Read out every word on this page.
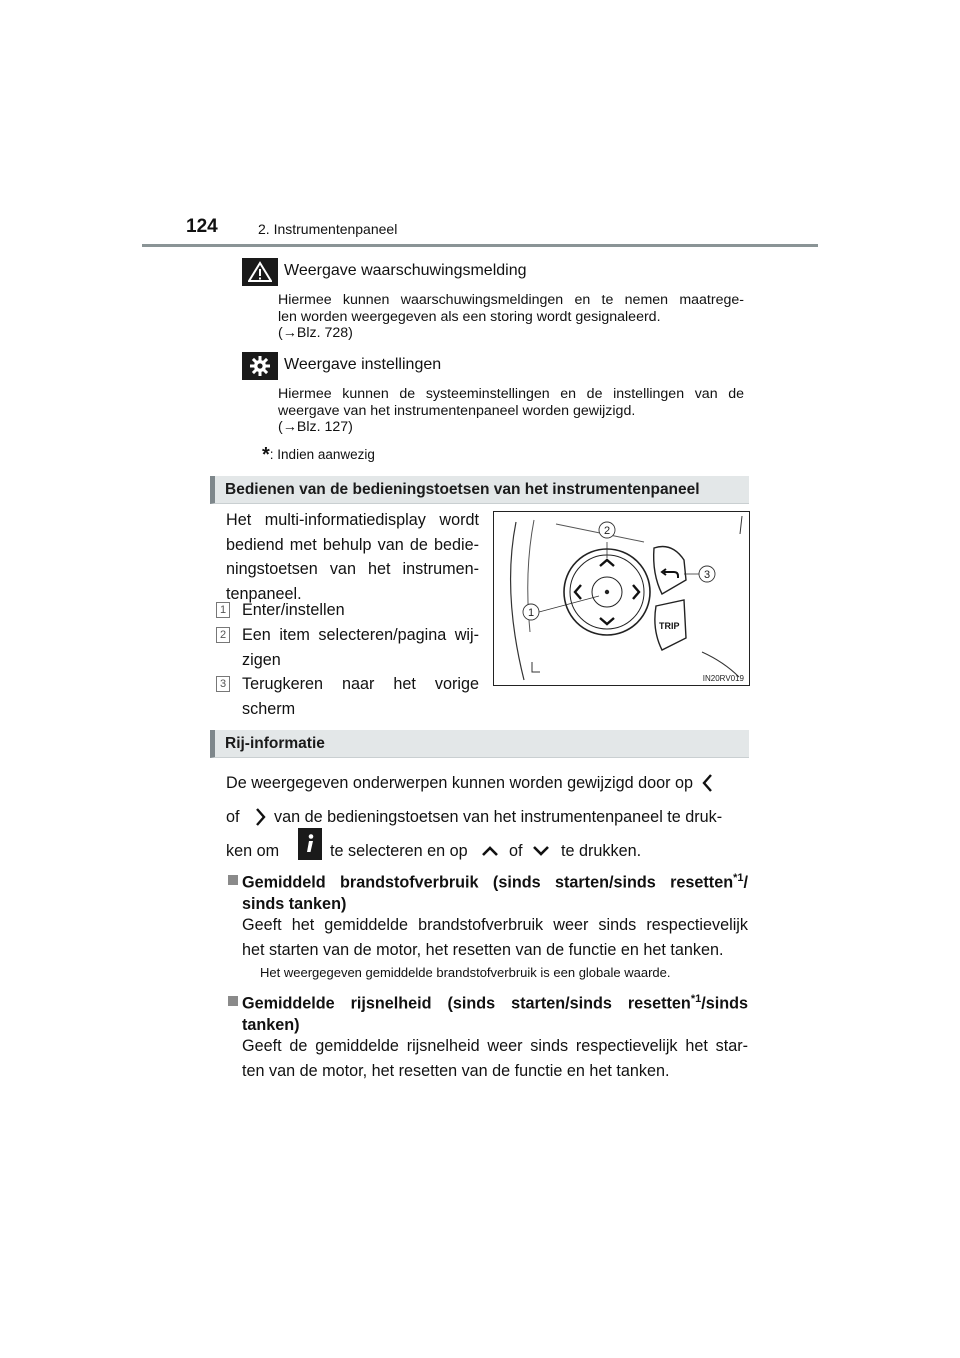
124	2. Instrumentenpaneel
Weergave waarschuwingsmelding
Hiermee kunnen waarschuwingsmeldingen en te nemen maatrege-
len worden weergegeven als een storing wordt gesignaleerd.
(→Blz. 728)
Weergave instellingen
Hiermee kunnen de systeeminstellingen en de instellingen van de
weergave van het instrumentenpaneel worden gewijzigd.
(→Blz. 127)
*: Indien aanwezig
Bedienen van de bedieningstoetsen van het instrumentenpaneel
Het multi-informatiedisplay wordt
bediend met behulp van de bedie-
ningstoetsen van het instrumen-
tenpaneel.
1 Enter/instellen
2 Een item selecteren/pagina wij-
zigen
3 Terugkeren naar het vorige
scherm
TRIP
1
2
3
IN20RV019
Rij-informatie
De weergegeven onderwerpen kunnen worden gewijzigd door op
of van de bedieningstoetsen van het instrumentenpaneel te druk-
ken om	te selecteren en op	of te drukken.
Gemiddeld brandstofverbruik (sinds starten/sinds resetten$^{*1}$/
sinds tanken)
Geeft het gemiddelde brandstofverbruik weer sinds respectievelijk
het starten van de motor, het resetten van de functie en het tanken.
Het weergegeven gemiddelde brandstofverbruik is een globale waarde.
Gemiddelde rijsnelheid (sinds starten/sinds resetten$^{*1}$/sinds
tanken)
Geeft de gemiddelde rijsnelheid weer sinds respectievelijk het star-
ten van de motor, het resetten van de functie en het tanken.
